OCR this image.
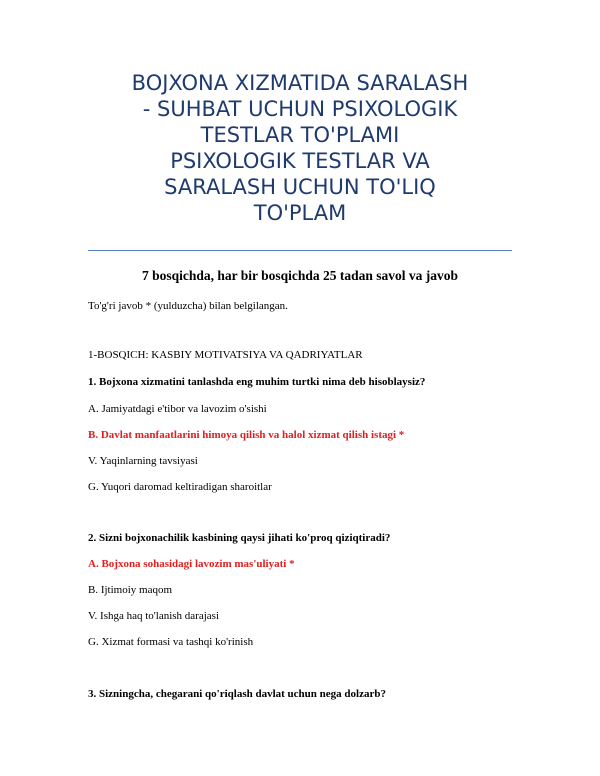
BOJXONA XIZMATIDA SARALASH
- SUHBAT UCHUN PSIXOLOGIK
TESTLAR TO'PLAMI
PSIXOLOGIK TESTLAR VA
SARALASH UCHUN TO'LIQ
TO'PLAM
7 bosqichda, har bir bosqichda 25 tadan savol va javob
To'g'ri javob * (yulduzcha) bilan belgilangan.
1-BOSQICH: KASBIY MOTIVATSIYA VA QADRIYATLAR
1. Bojxona xizmatini tanlashda eng muhim turtki nima deb hisoblaysiz?
A. Jamiyatdagi e'tibor va lavozim o'sishi
B. Davlat manfaatlarini himoya qilish va halol xizmat qilish istagi *
V. Yaqinlarning tavsiyasi
G. Yuqori daromad keltiradigan sharoitlar
2. Sizni bojxonachilik kasbining qaysi jihati ko'proq qiziqtiradi?
A. Bojxona sohasidagi lavozim mas'uliyati *
B. Ijtimoiy maqom
V. Ishga haq to'lanish darajasi
G. Xizmat formasi va tashqi ko'rinish
3. Sizningcha, chegarani qo'riqlash davlat uchun nega dolzarb?
